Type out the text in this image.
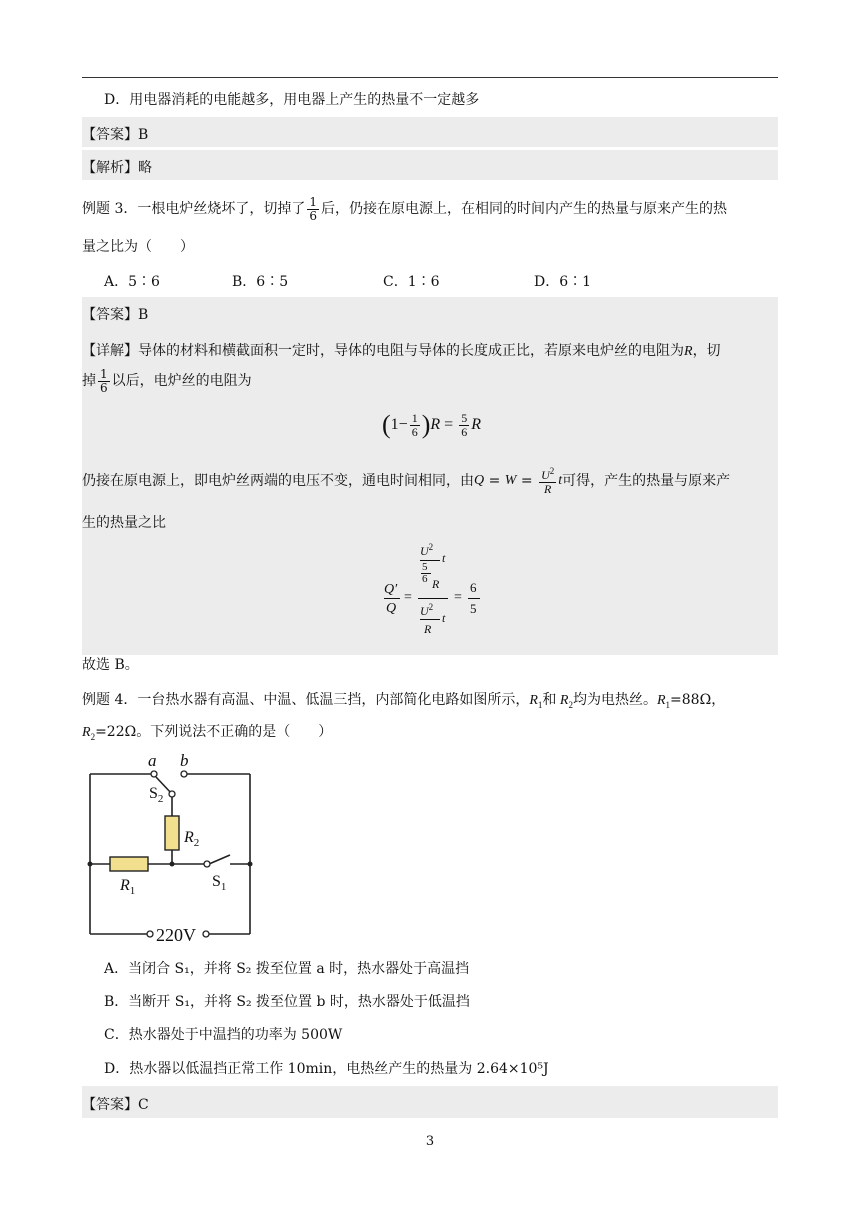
D．用电器消耗的电能越多，用电器上产生的热量不一定越多
【答案】B
【解析】略
例题 3．一根电炉丝烧坏了，切掉了 $\frac{1}{6}$ 后，仍接在原电源上，在相同的时间内产生的热量与原来产生的热
量之比为（　　）
A．5∶6	B．6∶5	C．1∶6	D．6∶1
【答案】B
【详解】导体的材料和横截面积一定时，导体的电阻与导体的长度成正比，若原来电炉丝的电阻为R，切
掉 $\frac{1}{6}$ 以后，电炉丝的电阻为
$(1- \frac{1}{6} )R = \frac{5}{6}$ R
仍接在原电源上，即电炉丝两端的电压不变，通电时间相同，由$Q = W = \frac{U^2}{R}$ t可得，产生的热量与原来产
生的热量之比
Q′
Q
=
$U^2$
5
6 R
t
$U^2$
R
t
=
6
5
故选 B。
例题 4．一台热水器有高温、中温、低温三挡，内部简化电路如图所示，$R_1$和 $R_2$均为电热丝。$R_1=88\Omega$，
$R_2=22\Omega$。下列说法不正确的是（　　）
a b
$S_2$
$R_2$
$R_1$
$S_1$
220V
A．当闭合 S₁，并将 S₂ 拨至位置 a 时，热水器处于高温挡
B．当断开 S₁，并将 S₂ 拨至位置 b 时，热水器处于低温挡
C．热水器处于中温挡的功率为 500W
D．热水器以低温挡正常工作 10min，电热丝产生的热量为 2.64×10⁵J
【答案】C
3
